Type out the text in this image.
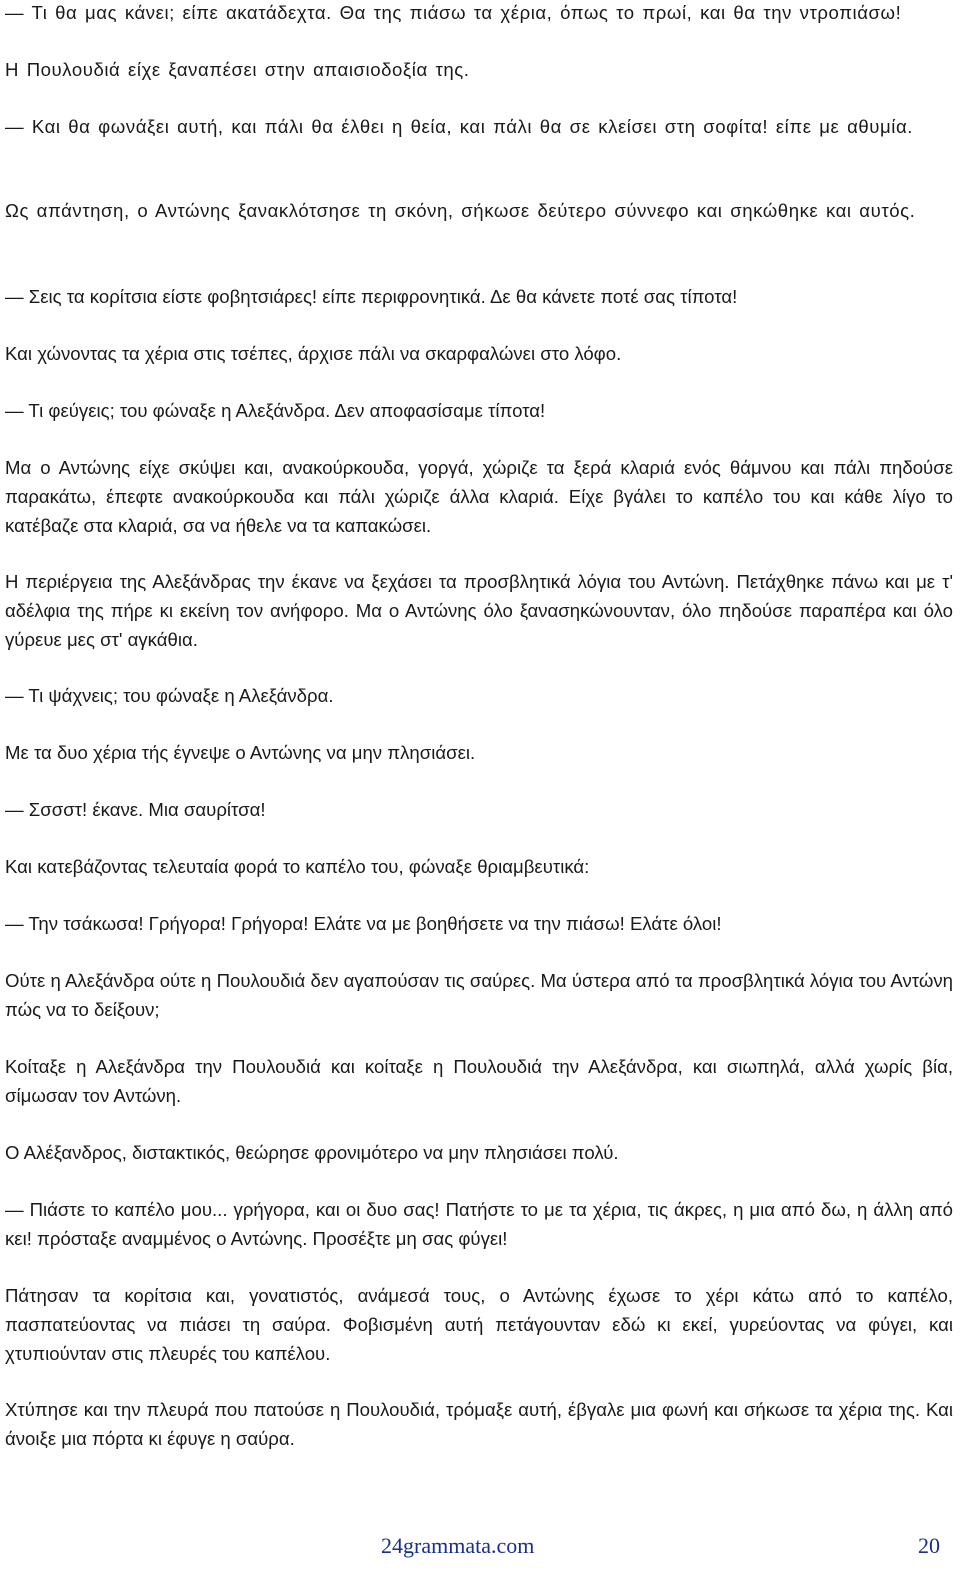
— Τι θα μας κάνει; είπε ακατάδεχτα. Θα της πιάσω τα χέρια, όπως το πρωί, και θα την ντροπιάσω!

Η Πουλουδιά είχε ξαναπέσει στην απαισιοδοξία της.

— Και θα φωνάξει αυτή, και πάλι θα έλθει η θεία, και πάλι θα σε κλείσει στη σοφίτα! είπε με αθυμία.

Ως απάντηση, ο Αντώνης ξανακλότσησε τη σκόνη, σήκωσε δεύτερο σύννεφο και σηκώθηκε και αυτός.

— Σεις τα κορίτσια είστε φοβητσιάρες! είπε περιφρονητικά. Δε θα κάνετε ποτέ σας τίποτα!

Και χώνοντας τα χέρια στις τσέπες, άρχισε πάλι να σκαρφαλώνει στο λόφο.

— Τι φεύγεις; του φώναξε η Αλεξάνδρα. Δεν αποφασίσαμε τίποτα!

Μα ο Αντώνης είχε σκύψει και, ανακούρκουδα, γοργά, χώριζε τα ξερά κλαριά ενός θάμνου και πάλι πηδούσε παρακάτω, έπεφτε ανακούρκουδα και πάλι χώριζε άλλα κλαριά. Είχε βγάλει το καπέλο του και κάθε λίγο το κατέβαζε στα κλαριά, σα να ήθελε να τα καπακώσει.

Η περιέργεια της Αλεξάνδρας την έκανε να ξεχάσει τα προσβλητικά λόγια του Αντώνη. Πετάχθηκε πάνω και με τ' αδέλφια της πήρε κι εκείνη τον ανήφορο. Μα ο Αντώνης όλο ξανασηκώνουνταν, όλο πηδούσε παραπέρα και όλο γύρευε μες στ' αγκάθια.

— Τι ψάχνεις; του φώναξε η Αλεξάνδρα.

Με τα δυο χέρια τής έγνεψε ο Αντώνης να μην πλησιάσει.

— Σσσστ! έκανε. Μια σαυρίτσα!

Και κατεβάζοντας τελευταία φορά το καπέλο του, φώναξε θριαμβευτικά:

— Την τσάκωσα! Γρήγορα! Γρήγορα! Ελάτε να με βοηθήσετε να την πιάσω! Ελάτε όλοι!

Ούτε η Αλεξάνδρα ούτε η Πουλουδιά δεν αγαπούσαν τις σαύρες. Μα ύστερα από τα προσβλητικά λόγια του Αντώνη πώς να το δείξουν;

Κοίταξε η Αλεξάνδρα την Πουλουδιά και κοίταξε η Πουλουδιά την Αλεξάνδρα, και σιωπηλά, αλλά χωρίς βία, σίμωσαν τον Αντώνη.

Ο Αλέξανδρος, διστακτικός, θεώρησε φρονιμότερο να μην πλησιάσει πολύ.

— Πιάστε το καπέλο μου... γρήγορα, και οι δυο σας! Πατήστε το με τα χέρια, τις άκρες, η μια από δω, η άλλη από κει! πρόσταξε αναμμένος ο Αντώνης. Προσέξτε μη σας φύγει!

Πάτησαν τα κορίτσια και, γονατιστός, ανάμεσά τους, ο Αντώνης έχωσε το χέρι κάτω από το καπέλο, πασπατεύοντας να πιάσει τη σαύρα. Φοβισμένη αυτή πετάγουνταν εδώ κι εκεί, γυρεύοντας να φύγει, και χτυπιούνταν στις πλευρές του καπέλου.

Χτύπησε και την πλευρά που πατούσε η Πουλουδιά, τρόμαξε αυτή, έβγαλε μια φωνή και σήκωσε τα χέρια της. Και άνοιξε μια πόρτα κι έφυγε η σαύρα.

24grammata.com	20
